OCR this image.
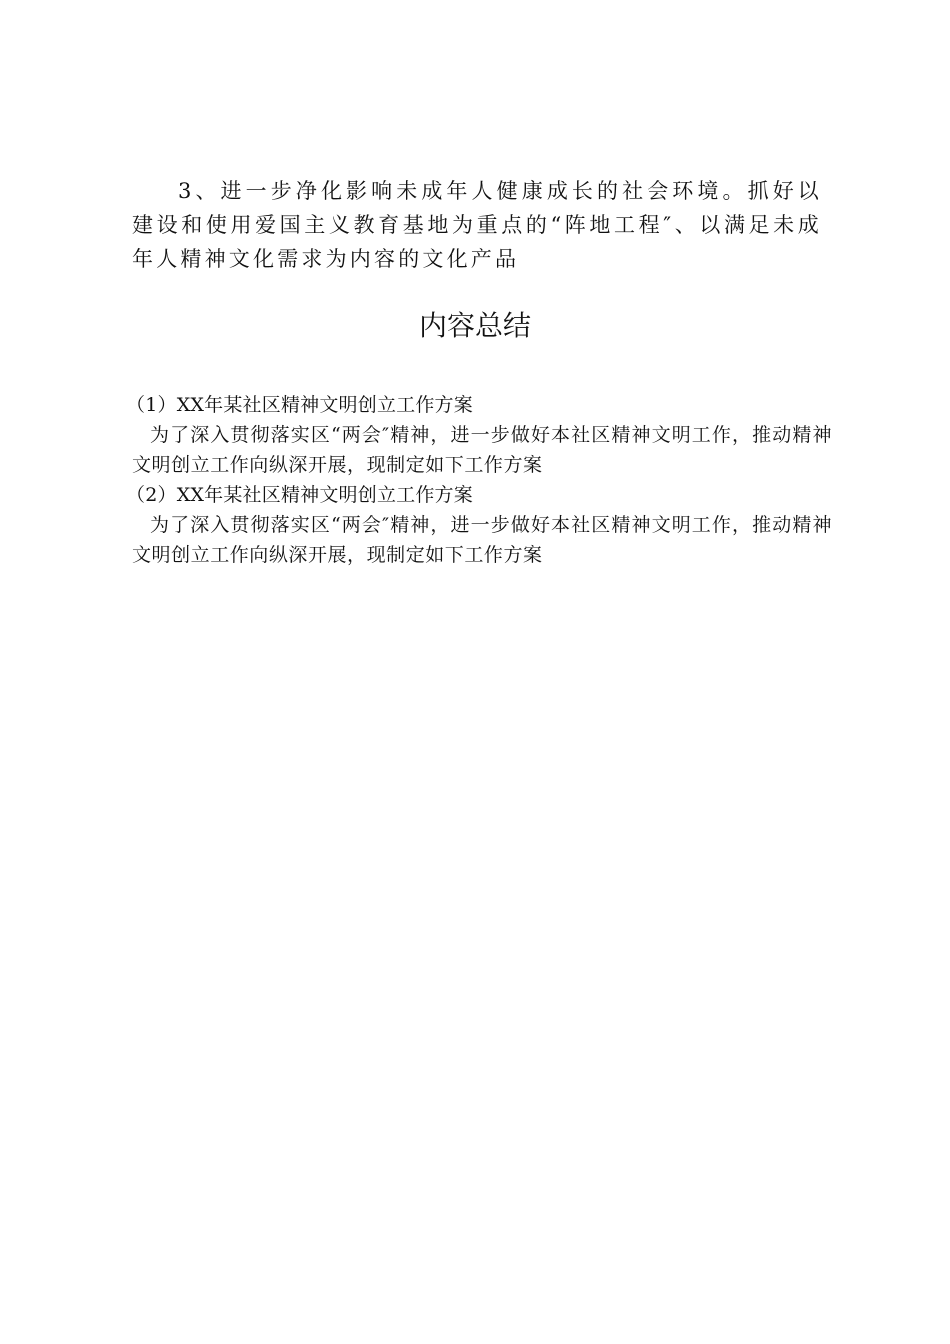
3、进一步净化影响未成年人健康成长的社会环境。抓好以建设和使用爱国主义教育基地为重点的“阵地工程″、以满足未成年人精神文化需求为内容的文化产品

内容总结

（1）XX年某社区精神文明创立工作方案

为了深入贯彻落实区“两会″精神，进一步做好本社区精神文明工作，推动精神文明创立工作向纵深开展，现制定如下工作方案

（2）XX年某社区精神文明创立工作方案

为了深入贯彻落实区“两会″精神，进一步做好本社区精神文明工作，推动精神文明创立工作向纵深开展，现制定如下工作方案
